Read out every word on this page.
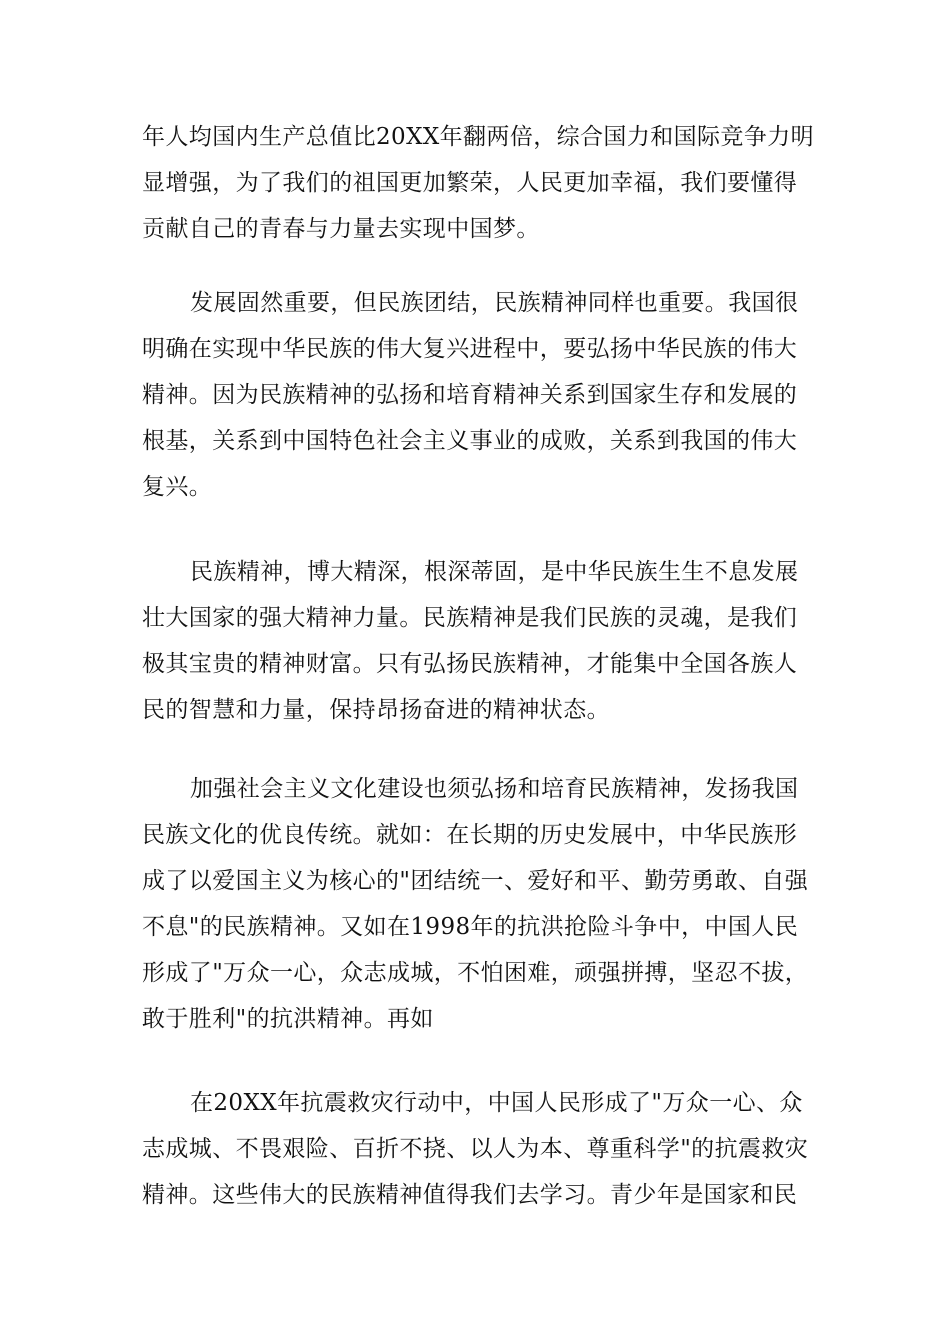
年人均国内生产总值比20XX年翻两倍，综合国力和国际竞争力明
显增强，为了我们的祖国更加繁荣，人民更加幸福，我们要懂得
贡献自己的青春与力量去实现中国梦。
发展固然重要，但民族团结，民族精神同样也重要。我国很
明确在实现中华民族的伟大复兴进程中，要弘扬中华民族的伟大
精神。因为民族精神的弘扬和培育精神关系到国家生存和发展的
根基，关系到中国特色社会主义事业的成败，关系到我国的伟大
复兴。
民族精神，博大精深，根深蒂固，是中华民族生生不息发展
壮大国家的强大精神力量。民族精神是我们民族的灵魂，是我们
极其宝贵的精神财富。只有弘扬民族精神，才能集中全国各族人
民的智慧和力量，保持昂扬奋进的精神状态。
加强社会主义文化建设也须弘扬和培育民族精神，发扬我国
民族文化的优良传统。就如：在长期的历史发展中，中华民族形
成了以爱国主义为核心的"团结统一、爱好和平、勤劳勇敢、自强
不息"的民族精神。又如在1998年的抗洪抢险斗争中，中国人民
形成了"万众一心，众志成城，不怕困难，顽强拼搏，坚忍不拔，
敢于胜利"的抗洪精神。再如
在20XX年抗震救灾行动中，中国人民形成了"万众一心、众
志成城、不畏艰险、百折不挠、以人为本、尊重科学"的抗震救灾
精神。这些伟大的民族精神值得我们去学习。青少年是国家和民
